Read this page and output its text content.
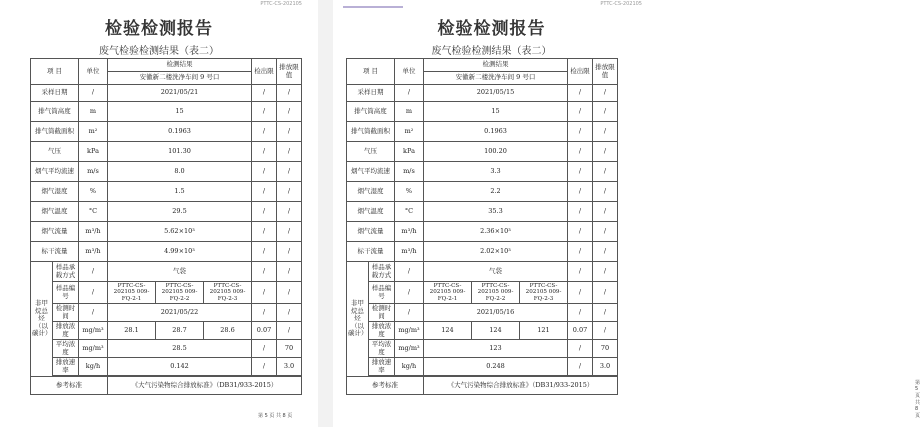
PTTC-CS-202105
检验检测报告
废气检验检测结果（表二）
第 5 页 共 8 页
PTTC-CS-202105
检验检测报告
废气检验检测结果（表二）
第 5 页 共 8 页
项 目		单位	检测结果			检出限	排放限值
			安徽新二楼洗净车间 9 号口				
采样日期		/	2021/05/21			/	/
排气筒高度		m	15			/	/
排气筒截面积		m²	0.1963			/	/
气压		kPa	101.30			/	/
烟气平均流速		m/s	8.0			/	/
烟气湿度		%	1.5			/	/
烟气温度		°C	29.5			/	/
烟气流量		m³/h	5.62×10³			/	/
标干流量		m³/h	4.99×10³			/	/
非甲烷总烃（以碳计）	样品承载方式	/	气袋			/	/
	样品编号	/	PTTC-CS-202105 009-FQ-2-1	PTTC-CS-202105 009-FQ-2-2	PTTC-CS-202105 009-FQ-2-3	/	/
	检测时间	/	2021/05/22			/	/
	排放浓度	mg/m³	28.1	28.7	28.6	0.07	/
	平均浓度	mg/m³	28.5			/	70
	排放速率	kg/h	0.142			/	3.0

参考标准			《大气污染物综合排放标准》（DB31/933-2015）				
项 目		单位	检测结果			检出限	排放限值
			安徽新二楼洗净车间 9 号口				
采样日期		/	2021/05/15			/	/
排气筒高度		m	15			/	/
排气筒截面积		m²	0.1963			/	/
气压		kPa	100.20			/	/
烟气平均流速		m/s	3.3			/	/
烟气湿度		%	2.2			/	/
烟气温度		°C	35.3			/	/
烟气流量		m³/h	2.36×10³			/	/
标干流量		m³/h	2.02×10³			/	/
非甲烷总烃（以碳计）	样品承载方式	/	气袋			/	/
	样品编号	/	PTTC-CS-202105 009-FQ-2-1	PTTC-CS-202105 009-FQ-2-2	PTTC-CS-202105 009-FQ-2-3	/	/
	检测时间	/	2021/05/16			/	/
	排放浓度	mg/m³	124	124	121	0.07	/
	平均浓度	mg/m³	123			/	70
	排放速率	kg/h	0.248			/	3.0

参考标准			《大气污染物综合排放标准》（DB31/933-2015）				
